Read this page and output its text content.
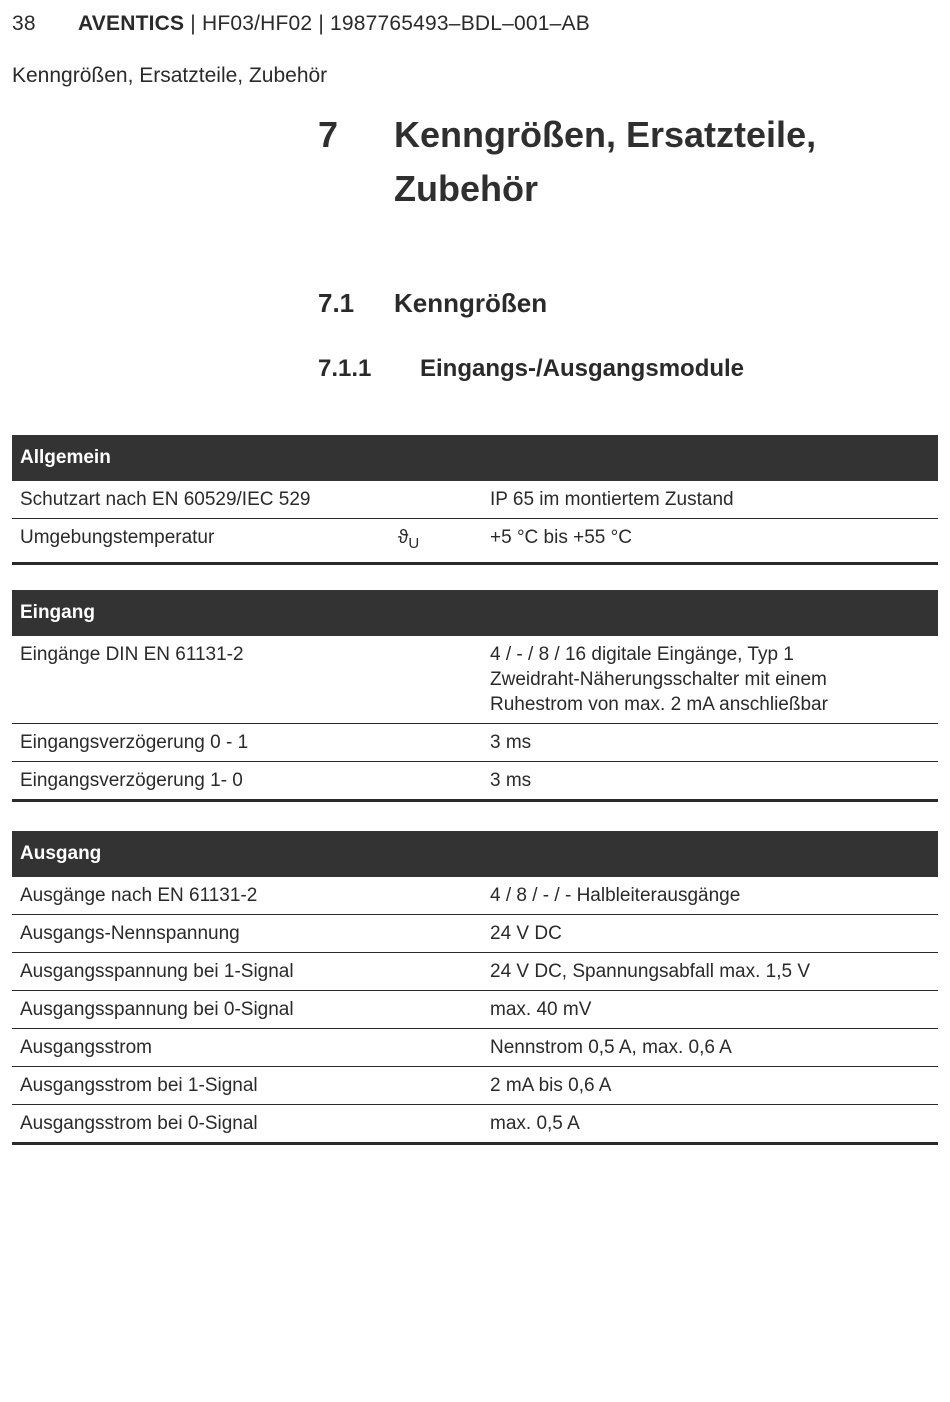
38 AVENTICS | HF03/HF02 | 1987765493–BDL–001–AB
Kenngrößen, Ersatzteile, Zubehör
7	Kenngrößen, Ersatzteile, Zubehör
7.1	Kenngrößen
7.1.1	Eingangs-/Ausgangsmodule
Allgemein		
Schutzart nach EN 60529/IEC 529		IP 65 im montiertem Zustand
Umgebungstemperatur	$ϑ_U$	+5 °C bis +55 °C
Eingang		
Eingänge DIN EN 61131-2		4 / - / 8 / 16 digitale Eingänge, Typ 1
Zweidraht-Näherungsschalter mit einem
Ruhestrom von max. 2 mA anschließbar

Eingangsverzögerung 0 - 1		3 ms
Eingangsverzögerung 1- 0		3 ms
Ausgang		
Ausgänge nach EN 61131-2		4 / 8 / - / - Halbleiterausgänge
Ausgangs-Nennspannung		24 V DC
Ausgangsspannung bei 1-Signal		24 V DC, Spannungsabfall max. 1,5 V
Ausgangsspannung bei 0-Signal		max. 40 mV
Ausgangsstrom		Nennstrom 0,5 A, max. 0,6 A
Ausgangsstrom bei 1-Signal		2 mA bis 0,6 A
Ausgangsstrom bei 0-Signal		max. 0,5 A
